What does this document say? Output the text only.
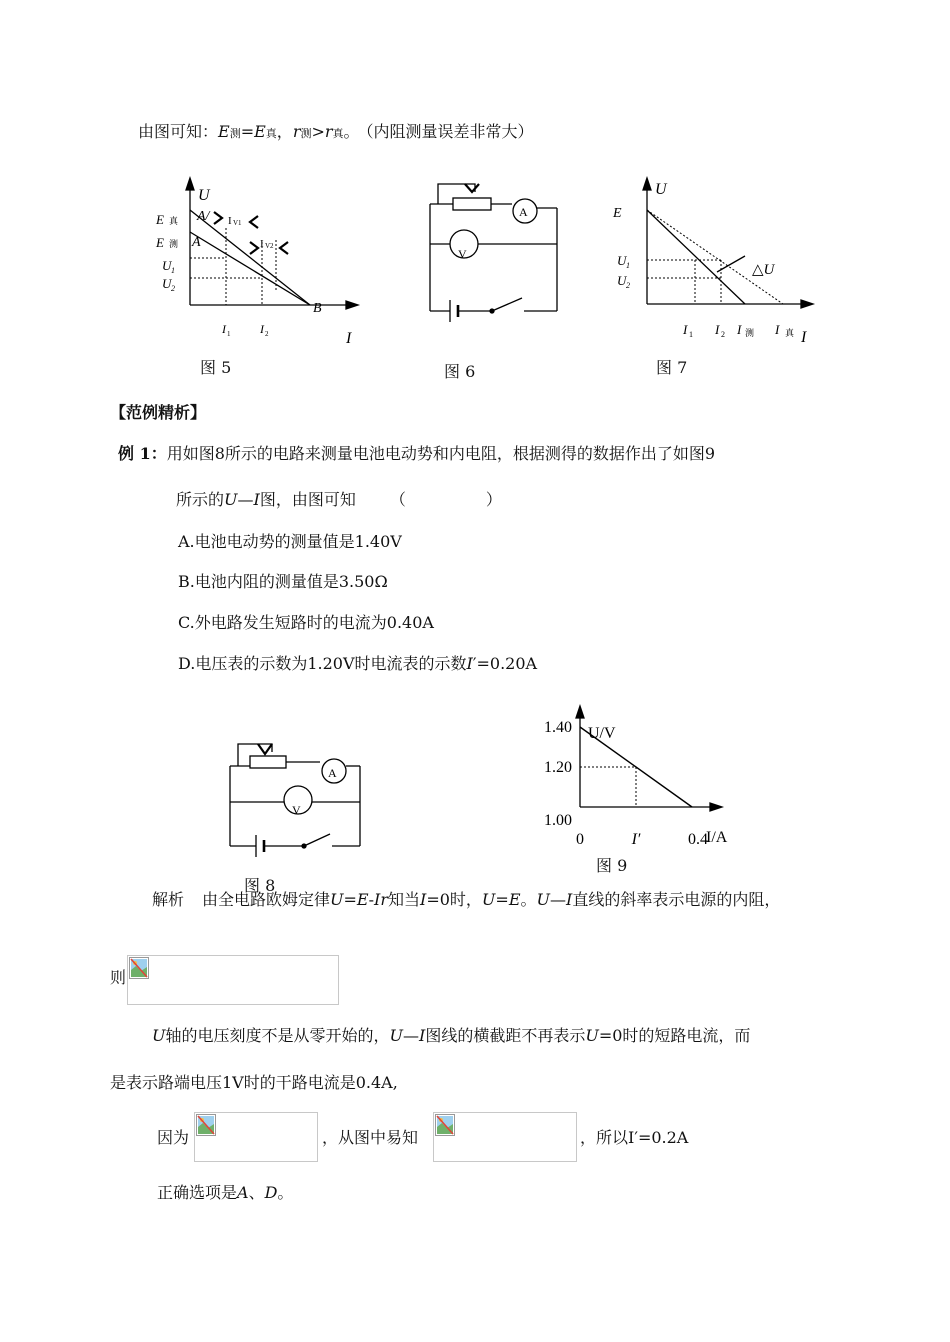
由图可知：E测=E真，r测>r真。 （内阻测量误差非常大）
U
I
E 真
E 测
U 1
U 2
A/
A
B
I 1 I 2
I V1
I V2
图 5
A
V
图 6
U
E
U 1
U 2
I 1 I 2 I 测 I 真 I
△U
图 7
【范例精析】
例 1：用如图8所示的电路来测量电池电动势和内电阻，根据测得的数据作出了如图9
所示的U—I图，由图可知 （　　　　　）
A.电池电动势的测量值是1.40V
B.电池内阻的测量值是3.50Ω
C.外电路发生短路时的电流为0.40A
D.电压表的示数为1.20V时电流表的示数I′=0.20A
A
V
图 8
1.00
1.20
1.40
0	I′	0.4
U/V
I/A
图 9
解析 由全电路欧姆定律U=E-Ir知当I=0时，U=E。U—I直线的斜率表示电源的内阻，
则
U轴的电压刻度不是从零开始的，U—I图线的横截距不再表示U=0时的短路电流，而
是表示路端电压1V时的干路电流是0.4A,
因为	，从图中易知	，所以I′=0.2A
正确选项是A、D。
